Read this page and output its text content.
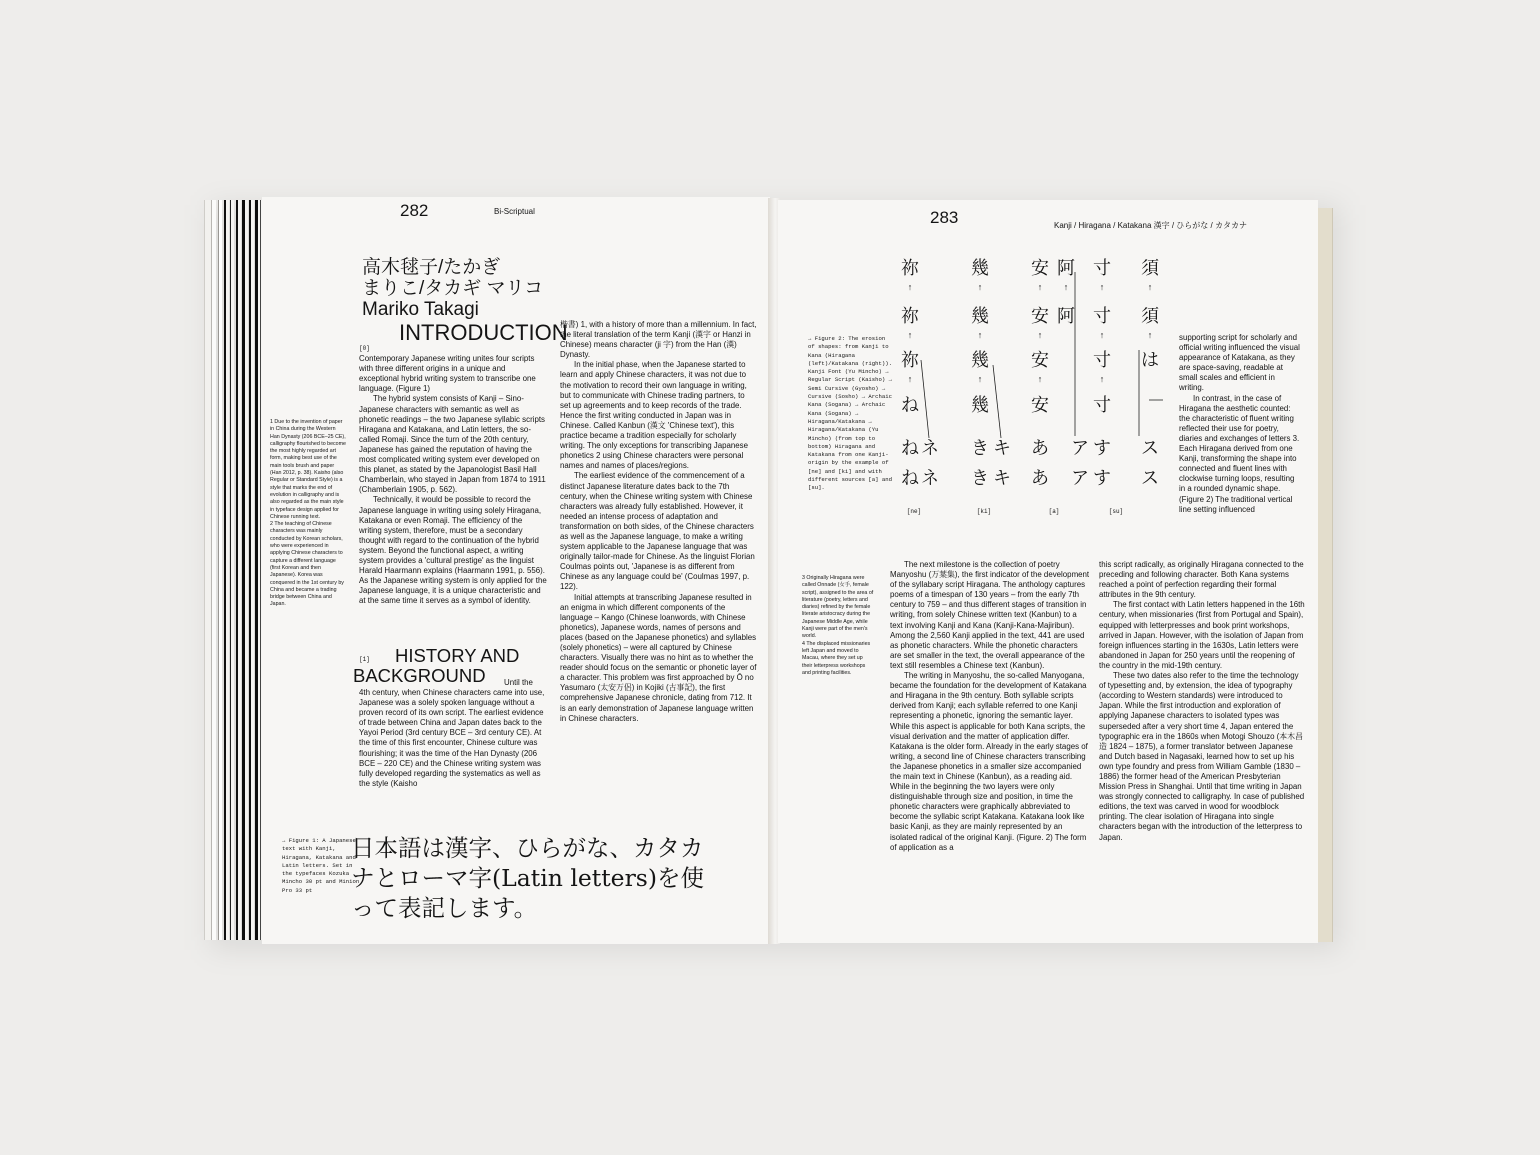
282	Bi-Scriptual
高木毬子/たかぎ
まりこ/タカギ マリコ
Mariko Takagi
INTRODUCTION
[0]

Contemporary Japanese writing unites four scripts with three different origins in a unique and exceptional hybrid writing system to transcribe one language. (Figure 1)

The hybrid system consists of Kanji – Sino-Japanese characters with semantic as well as phonetic readings – the two Japanese syllabic scripts Hiragana and Katakana, and Latin letters, the so-called Romaji. Since the turn of the 20th century, Japanese has gained the reputation of having the most complicated writing system ever developed on this planet, as stated by the Japanologist Basil Hall Chamberlain, who stayed in Japan from 1874 to 1911 (Chamberlain 1905, p. 562).

Technically, it would be possible to record the Japanese language in writing using solely Hiragana, Katakana or even Romaji. The efficiency of the writing system, therefore, must be a secondary thought with regard to the continuation of the hybrid system. Beyond the functional aspect, a writing system provides a 'cultural prestige' as the linguist Harald Haarmann explains (Haarmann 1991, p. 556). As the Japanese writing system is only applied for the Japanese language, it is a unique characteristic and at the same time it serves as a symbol of identity.

[1] HISTORY AND
BACKGROUND Until the
4th century, when Chinese characters came into use, Japanese was a solely spoken language without a proven record of its own script. The earliest evidence of trade between China and Japan dates back to the Yayoi Period (3rd century BCE – 3rd century CE). At the time of this first encounter, Chinese culture was flourishing; it was the time of the Han Dynasty (206 BCE – 220 CE) and the Chinese writing system was fully developed regarding the systematics as well as the style (Kaisho

楷書) 1, with a history of more than a millennium. In fact, the literal translation of the term Kanji (漢字 or Hanzi in Chinese) means character (ji 字) from the Han (漢) Dynasty.

In the initial phase, when the Japanese started to learn and apply Chinese characters, it was not due to the motivation to record their own language in writing, but to communicate with Chinese trading partners, to set up agreements and to keep records of the trade. Hence the first writing conducted in Japan was in Chinese. Called Kanbun (漢文 'Chinese text'), this practice became a tradition especially for scholarly writing. The only exceptions for transcribing Japanese phonetics 2 using Chinese characters were personal names and names of places/regions.

The earliest evidence of the commencement of a distinct Japanese literature dates back to the 7th century, when the Chinese writing system with Chinese characters was already fully established. However, it needed an intense process of adaptation and transformation on both sides, of the Chinese characters as well as the Japanese language, to make a writing system applicable to the Japanese language that was originally tailor-made for Chinese. As the linguist Florian Coulmas points out, 'Japanese is as different from Chinese as any language could be' (Coulmas 1997, p. 122).

Initial attempts at transcribing Japanese resulted in an enigma in which different components of the language – Kango (Chinese loanwords, with Chinese phonetics), Japanese words, names of persons and places (based on the Japanese phonetics) and syllables (solely phonetics) – were all captured by Chinese characters. Visually there was no hint as to whether the reader should focus on the semantic or phonetic layer of a character. This problem was first approached by Ō no Yasumaro (太安万侶) in Kojiki (古事記), the first comprehensive Japanese chronicle, dating from 712. It is an early demonstration of Japanese language written in Chinese characters.

1 Due to the invention of paper in China during the Western Han Dynasty (206 BCE–25 CE), calligraphy flourished to become the most highly regarded art form, making best use of the main tools brush and paper (Han 2012, p. 38). Kaisho (also Regular or Standard Style) is a style that marks the end of evolution in calligraphy and is also regarded as the main style in typeface design applied for Chinese running text.

2 The teaching of Chinese characters was mainly conducted by Korean scholars, who were experienced in applying Chinese characters to capture a different language (first Korean and then Japanese). Korea was conquered in the 1st century by China and became a trading bridge between China and Japan.

→ Figure 1: A Japanese text with Kanji, Hiragana, Katakana and Latin letters. Set in the typefaces Kozuka Mincho 30 pt and Minion Pro 33 pt
日本語は漢字、ひらがな、カタカナとローマ字(Latin letters)を使って表記します。
283	Kanji / Hiragana / Katakana 漢字 / ひらがな / カタカナ
→ Figure 2: The erosion of shapes: from Kanji to Kana (Hiragana (left)/Katakana (right)). Kanji Font (Yu Mincho) → Regular Script (Kaisho) → Semi Cursive (Gyosho) → Cursive (Sosho) → Archaic Kana (Sogana) → Archaic Kana (Sogana) → Hiragana/Katakana → Hiragana/Katakana (Yu Mincho) (from top to bottom) Hiragana and Katakana from one Kanji-origin by the example of [ne] and [ki] and with different sources [a] and [su].
祢
↑
祢
↑
祢
↑
ね
ね
ね
ネ
ネ
[ne]
幾
↑
幾
↑
幾
↑
幾
き
き
キ
キ
[ki]
安
↑
安
↑
安
↑
安
あ
あ
阿
↑
阿
ア
ア
[a]
寸
↑
寸
↑
寸
↑
寸
す
す
須
↑
須
↑
は
ス
ス
[su]

3 Originally Hiragana were called Onnade (女手, female script), assigned to the area of literature (poetry, letters and diaries) refined by the female literate aristocracy during the Japanese Middle Age, while Kanji were part of the men's world.

4 The displaced missionaries left Japan and moved to Macau, where they set up their letterpress workshops and printing facilities.

The next milestone is the collection of poetry Manyoshu (万葉集), the first indicator of the development of the syllabary script Hiragana. The anthology captures poems of a timespan of 130 years – from the early 7th century to 759 – and thus different stages of transition in writing, from solely Chinese written text (Kanbun) to a text involving Kanji and Kana (Kanji-Kana-Majiribun). Among the 2,560 Kanji applied in the text, 441 are used as phonetic characters. While the phonetic characters are set smaller in the text, the overall appearance of the text still resembles a Chinese text (Kanbun).

The writing in Manyoshu, the so-called Manyogana, became the foundation for the development of Katakana and Hiragana in the 9th century. Both syllable scripts derived from Kanji; each syllable referred to one Kanji representing a phonetic, ignoring the semantic layer. While this aspect is applicable for both Kana scripts, the visual derivation and the matter of application differ. Katakana is the older form. Already in the early stages of writing, a second line of Chinese characters transcribing the Japanese phonetics in a smaller size accompanied the main text in Chinese (Kanbun), as a reading aid. While in the beginning the two layers were only distinguishable through size and position, in time the phonetic characters were graphically abbreviated to become the syllabic script Katakana. Katakana look like basic Kanji, as they are mainly represented by an isolated radical of the original Kanji. (Figure. 2) The form of application as a

supporting script for scholarly and official writing influenced the visual appearance of Katakana, as they are space-saving, readable at small scales and efficient in writing.

In contrast, in the case of Hiragana the aesthetic counted: the characteristic of fluent writing reflected their use for poetry, diaries and exchanges of letters 3. Each Hiragana derived from one Kanji, transforming the shape into connected and fluent lines with clockwise turning loops, resulting in a rounded dynamic shape. (Figure 2) The traditional vertical line setting influenced

this script radically, as originally Hiragana connected to the preceding and following character. Both Kana systems reached a point of perfection regarding their formal attributes in the 9th century.

The first contact with Latin letters happened in the 16th century, when missionaries (first from Portugal and Spain), equipped with letterpresses and book print workshops, arrived in Japan. However, with the isolation of Japan from foreign influences starting in the 1630s, Latin letters were abandoned in Japan for 250 years until the reopening of the country in the mid-19th century.

These two dates also refer to the time the technology of typesetting and, by extension, the idea of typography (according to Western standards) were introduced to Japan. While the first introduction and exploration of applying Japanese characters to isolated types was superseded after a very short time 4, Japan entered the typographic era in the 1860s when Motogi Shouzo (本木昌造 1824 – 1875), a former translator between Japanese and Dutch based in Nagasaki, learned how to set up his own type foundry and press from William Gamble (1830 – 1886) the former head of the American Presbyterian Mission Press in Shanghai. Until that time writing in Japan was strongly connected to calligraphy. In case of published editions, the text was carved in wood for woodblock printing. The clear isolation of Hiragana into single characters began with the introduction of the letterpress to Japan.
